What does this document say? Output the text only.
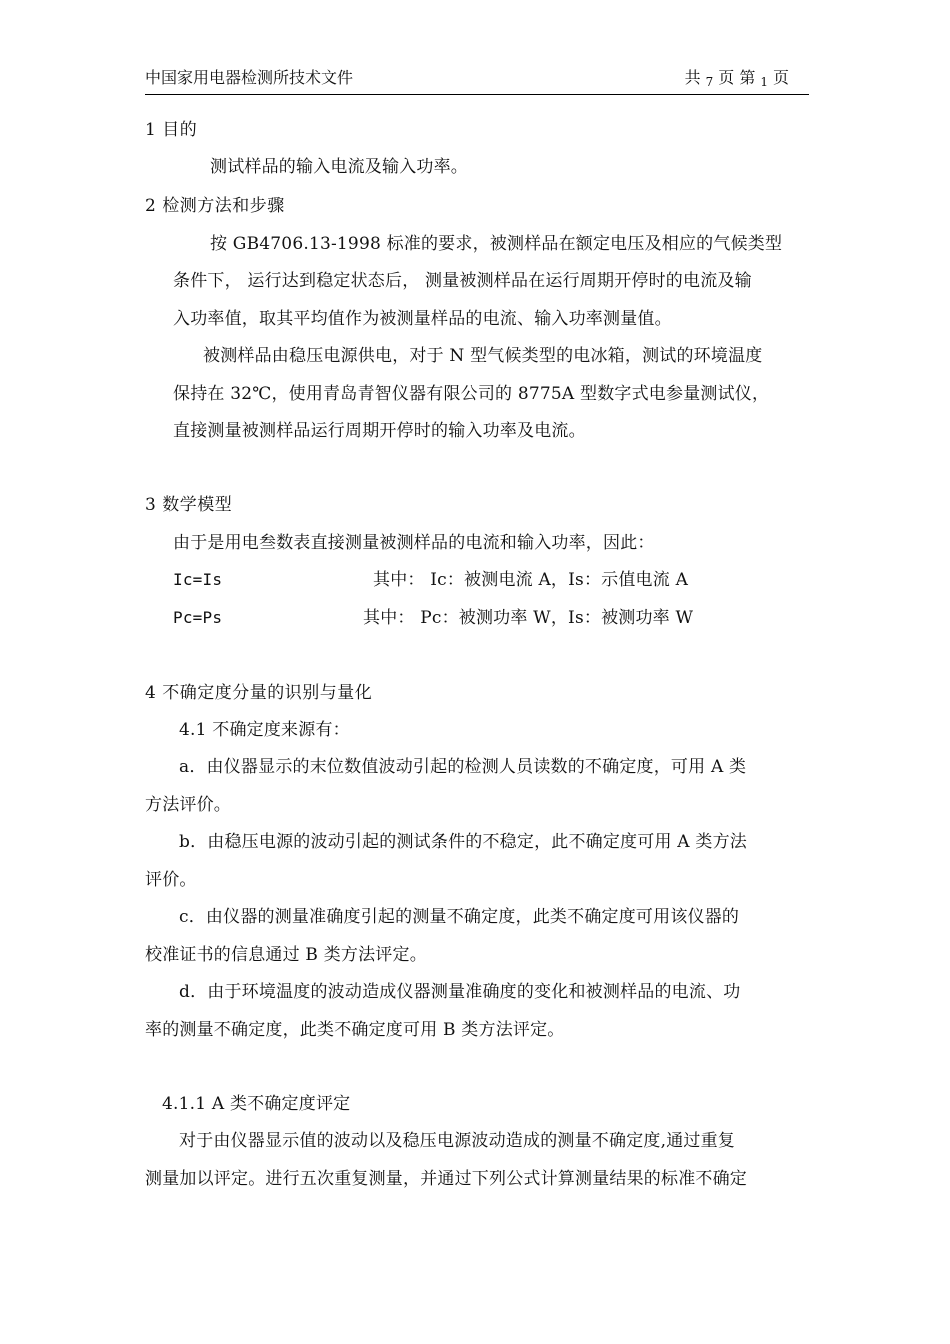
中国家用电器检测所技术文件	共 7 页 第 1 页
1 目的
测试样品的输入电流及输入功率。
2 检测方法和步骤
按 GB4706.13-1998 标准的要求，被测样品在额定电压及相应的气候类型
条件下， 运行达到稳定状态后， 测量被测样品在运行周期开停时的电流及输
入功率值，取其平均值作为被测量样品的电流、输入功率测量值。
被测样品由稳压电源供电，对于 N 型气候类型的电冰箱，测试的环境温度
保持在 32℃，使用青岛青智仪器有限公司的 8775A 型数字式电参量测试仪，
直接测量被测样品运行周期开停时的输入功率及电流。
3 数学模型
由于是用电叁数表直接测量被测样品的电流和输入功率，因此：
Ic=Is	其中： Ic：被测电流 A，Is：示值电流 A
Pc=Ps	其中： Pc：被测功率 W，Is：被测功率 W
4 不确定度分量的识别与量化
4.1 不确定度来源有：
a．由仪器显示的末位数值波动引起的检测人员读数的不确定度，可用 A 类
方法评价。
b．由稳压电源的波动引起的测试条件的不稳定，此不确定度可用 A 类方法
评价。
c．由仪器的测量准确度引起的测量不确定度，此类不确定度可用该仪器的
校准证书的信息通过 B 类方法评定。
d．由于环境温度的波动造成仪器测量准确度的变化和被测样品的电流、功
率的测量不确定度，此类不确定度可用 B 类方法评定。
4.1.1 A 类不确定度评定
对于由仪器显示值的波动以及稳压电源波动造成的测量不确定度,通过重复
测量加以评定。进行五次重复测量，并通过下列公式计算测量结果的标准不确定
